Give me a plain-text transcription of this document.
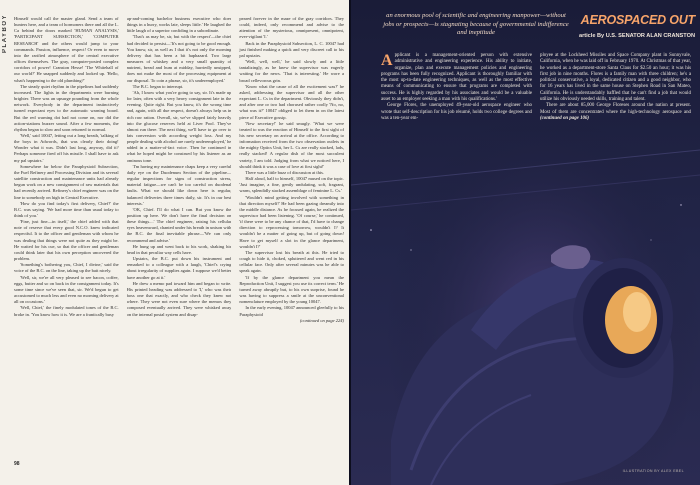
PLAYBOY Himself would call the master gland. Send a team of hunters here, and a team of hormoners there and all the L. Ca behind the doors marked 'HUMAN ANALYSIS,' 'PARTICIPANT SUBSECTION,' 'COMPUTER RESEARCH' and the others would jump to your commands. Passion, influence, respect! Or even to move into the rarified atmosphere of the central executive offices themselves. The gray, computer-posted complex corridors of power! Cranston Hesse! 'The Whitehall of our world?' He snapped suddenly and looked up. 'Hello, what's happening to the old plumbing?'

The steady quiet rhythm in the pipelines had suddenly increased. The lights in the departments were burning brighter. There was an upsurge pounding from the whole network. Everybody in the department instinctively turned expectant eyes to the automatic warning board. But the red warning dot had not come on, nor did the action-stations buzzer sound. After a few moments, the rhythm began to slow and soon returned to normal.

'Well,' said 10047, letting out a long breath, 'talking of the boys in Adwords, that was clearly their doing! Wonder what it was. Didn't last long, anyway, did it? Perhaps someone fired off his missile. I shall have to ask my pal upstairs.'

Somewhere far below the Paraphysioid Subsection, the Fuel Refinery and Processing Division and its several satellite construction and maintenance units had already begun work on a new consignment of raw materials that had recently arrived. Refinery's chief engineer was on the line to somebody on high in Central Executive.

'How do you find today's first delivery, Chief?' the B.C. was saying. 'We had more time than usual today to think of you.'

'Fine, just fine—in itself,' the chief added with that note of reserve that every good N.C.O. knew indicated respectful. It to the officer and gentleman with whom he was dealing that things were not quite as they might be. He waited for his cue, so that the officer and gentleman could think later that his own perception uncovered the problem.

'Something's bothering you, Chief, I divine,' said the voice of the B.C. on the line, taking up the bait nicely.

'Well, sir, we're all very pleased to see bacon, coffee, eggs, butter and so on back in the consignment today. It's some time since we've seen that, sir. We'd begun to get accustomed to much less and even no morning delivery at all on occasions.'

'Well, Chief,' the finely modulated tones of the B.C. broke in. 'You know how it is. We are a frantically busy

up-and-coming bachelor business executive who does things in a hurry, works late, sleeps little.' He laughed the little laugh of a superior confiding in a subordinate.

'That's as may be, sir, but with the respect'—the chief had decided to persist—'It's not going to be good enough. You know, sir, as well as I that it's not only the morning delivery that has been a bit haphazard. Two large measures of whiskey and a very small quantity of nutrient, bread and hum at midday, hurriedly unsipped, does not make the most of the processing equipment at our disposal. To coin a phrase, sir, it's underemployed.'

The B.C. began to interrupt.

'Ah, I know what you're going to say, sir. It's made up for later, often with a very heavy consignment late in the evening. Quite right. But you know, it's the wrong time and, again, with all due respect, doesn't always help us in rich raw ration. Overall, sir, we've slipped fairly heavily into the glucose reserves held at Liver Pool. They've almost run there. The next thing, we'll have to go over to fats conversion with according weight loss. And my people dealing with alcohol are rarely underemployed,' he added in a matter-of-fact voice. Then he continued in what he hoped might be construed by his listener as an ominous tone.

'I'm having my maintenance chaps keep a very careful daily eye on the Duodenum Section of the pipeline—regular inspections for signs of construction stress, material fatigue—we can't be too careful on duodenal faults. What we should like down here is regular, balanced deliveries three times daily, sir. It's in our best interests.'

'OK, Chief. I'll do what I can. But you know the position up here. We don't have the final decision on these things....' The chief engineer, raising his cellular eyes heavenward, chanted under his breath in unison with the B.C. the final inevitable phrase—'We can only recommend and advise.'

He hung up and went back to his work, shaking his head in that peculiar way cells have.

Upstairs, the B.C. put down his instrument and remarked to a colleague with a laugh, 'Chief's crying about irregularity of supplies again. I suppose we'd better have another go at it.'

He drew a memo pad toward him and began to write. His printed heading was addressed to 'I,' who was their boss one that exactly, and who check they knew not where. They were not even sure where the memos they composed eventually arrived. They were whisked away on the internal postal system and disap-

peared forever in the maze of the gray corridors. They could, indeed, only recommend and advise to the attention of the mysterious, omnipresent, omnipotent, ever-vigilant 'I.'

Back in the Paraphysioid Subsection, L. C. 10047 had just finished making a quick and very discreet call to his pal upstairs.

'Well, well, well,' he said slowly and a little tantalizingly, as he knew the supervisor was eagerly waiting for the news. 'That is interesting.' He wore a broad cellevorous grin.

'Know what the cause of all the excitement was?' he asked, addressing the supervisor and all the other expectant L. Cs in the department. Obviously they didn't, and after one or two had chorused rather coolly 'No, no, what was it?' 10047 obliged to let them in on the latest piece of Executive gossip.

'New secretary!' he said smugly. 'What we were treated to was the reaction of Himself to the first sight of his new secretary on arrival at the office. According to information received from the two observation outlets in the mighty Optics Unit, her L. Cs are really stacked, lads, really stacked! A regular dish of the most succulent variety, I am told. Judging from what we noticed here, I should think it was a case of love at first sight!'

There was a little buzz of discussion at this.

Half aloud, half to himself, 10047 mused on the topic. 'Just imagine, a fine, gently undulating, soft, fragrant, warm, splendidly stacked assemblage of feminine L. Cs.'

'Wouldn't mind getting involved with something in that direction myself!' He had been gazing dreamily into the middle distance. As he focused again, he realized the supervisor had been listening. 'Of course,' he continued, 'if there were to be any chance of that, I'd have to change direction to reprocessing tomorrow, wouldn't I? It wouldn't be a matter of going up, but of going down! Have to get myself a slot in the glance department, wouldn't I?'

The supervisor lost his breath at this. He tried to cough to hide it, choked, spluttered and went red in his cellular face. Only after several minutes was he able to speak again.

'If by the glance department you mean the Reproduction Unit, I suggest you use its correct term.' He turned away abruptly but, to his own surprise, found he was having to suppress a smile at the unconventional nomenclature employed by the young 10047.

In the early evening, 10047 announced gleefully to his Paraphysioid

(continued on page 224)

98
an enormous pool of scientific and engineering manpower—without jobs or prospects—is stagnating because of governmental indifference and ineptitude
AEROSPACED OUT
article By U.S. SENATOR ALAN CRANSTON

Applicant is a management-oriented person with extensive administrative and engineering experience. His ability to initiate, organize, plan and execute management policies and engineering programs has been fully recognized. Applicant is thoroughly familiar with the most up-to-date engineering techniques, as well as the most effective means of communicating to ensure that programs are completed with success. He is highly regarded by his associates and would be a valuable asset to an employer seeking a man with his qualifications.'

George Flores, the unemployed 49-year-old aerospace engineer who wrote that self-description for his job résumé, holds two college degrees and was a ten-year em-

ployee at the Lockheed Missiles and Space Company plant in Sunnyvale, California, when he was laid off in February 1970. At Christmas of that year, he worked as a department-store Santa Claus for $2.50 an hour; it was his first job in nine months. Flores is a family man with three children; he's a political conservative, a loyal, dedicated citizen and a good neighbor, who for 16 years has lived in the same house on Stephen Road in San Mateo, California. He is understandably baffled that he can't find a job that would utilize his obviously needed skills, training and talent.

There are about 85,000 George Floreses around the nation at present. Most of them are concentrated where the high-technology aerospace and (continued on page 106)

ILLUSTRATION BY ALEX EBEL
